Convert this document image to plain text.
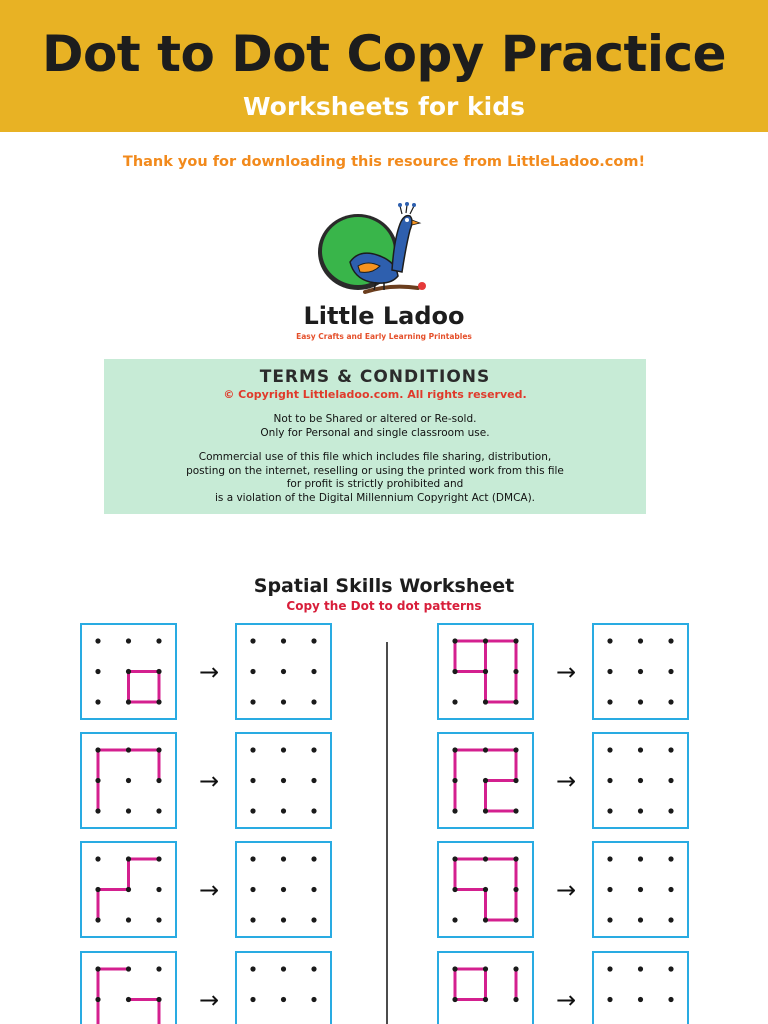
Dot to Dot Copy Practice
Worksheets for kids
Thank you for downloading this resource from LittleLadoo.com!
Little Ladoo
Easy Crafts and Early Learning Printables
TERMS & CONDITIONS
© Copyright Littleladoo.com. All rights reserved.
Not to be Shared or altered or Re-sold.
Only for Personal and single classroom use.
Commercial use of this file which includes file sharing, distribution,
posting on the internet, reselling or using the printed work from this file
for profit is strictly prohibited and
is a violation of the Digital Millennium Copyright Act (DMCA).
Spatial Skills Worksheet
Copy the Dot to dot patterns
→	→
→	→
→	→
→	→
